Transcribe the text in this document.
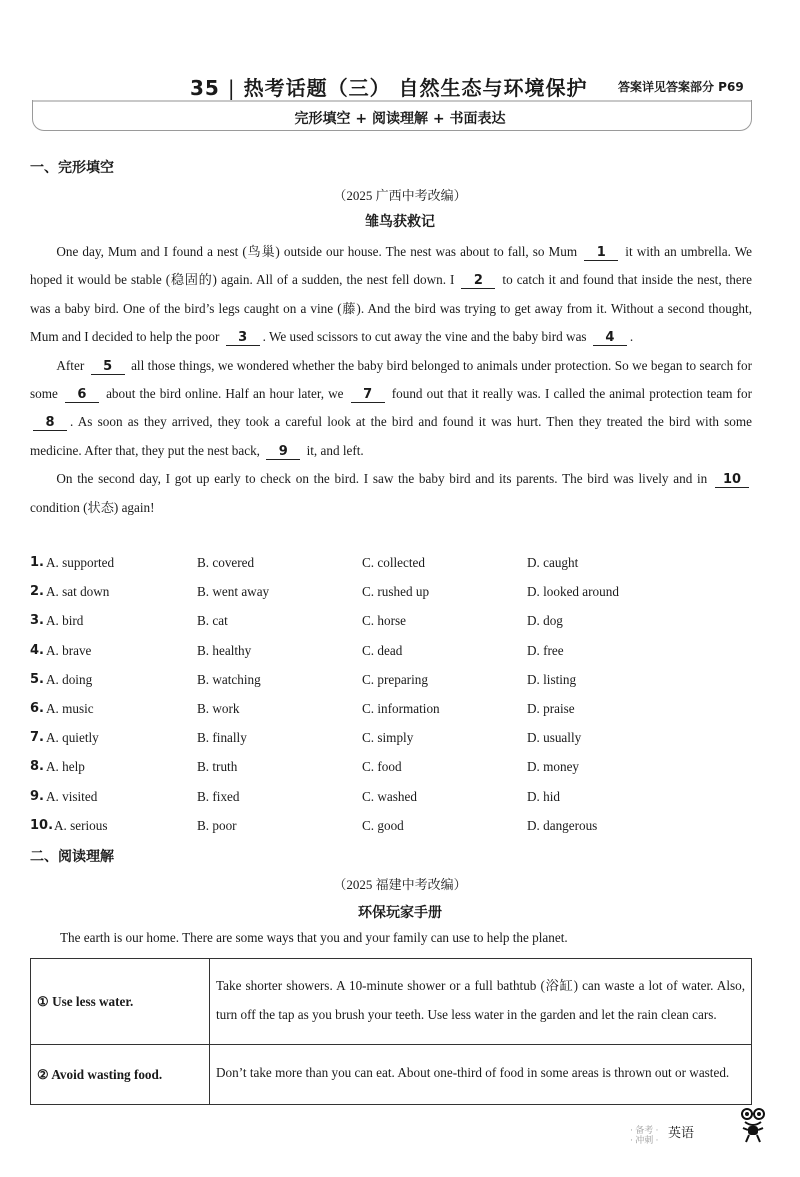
35 | 热考话题（三） 自然生态与环境保护	答案详见答案部分 P69
完形填空 + 阅读理解 + 书面表达
一、完形填空
（2025 广西中考改编）
雏鸟获救记

One day, Mum and I found a nest (鸟巢) outside our house. The nest was about to fall, so Mum 1 it with an umbrella. We hoped it would be stable (稳固的) again. All of a sudden, the nest fell down. I 2 to catch it and found that inside the nest, there was a baby bird. One of the bird’s legs caught on a vine (藤). And the bird was trying to get away from it. Without a second thought, Mum and I decided to help the poor 3 . We used scissors to cut away the vine and the baby bird was 4 .

After 5 all those things, we wondered whether the baby bird belonged to animals under protection. So we began to search for some 6 about the bird online. Half an hour later, we 7 found out that it really was. I called the animal protection team for 8 . As soon as they arrived, they took a careful look at the bird and found it was hurt. Then they treated the bird with some medicine. After that, they put the nest back, 9 it, and left.

On the second day, I got up early to check on the bird. I saw the baby bird and its parents. The bird was lively and in 10 condition (状态) again!

1. A. supported	B. covered	C. collected	D. caught
2. A. sat down	B. went away	C. rushed up	D. looked around
3. A. bird	B. cat	C. horse	D. dog
4. A. brave	B. healthy	C. dead	D. free
5. A. doing	B. watching	C. preparing	D. listing
6. A. music	B. work	C. information	D. praise
7. A. quietly	B. finally	C. simply	D. usually
8. A. help	B. truth	C. food	D. money
9. A. visited	B. fixed	C. washed	D. hid
10. A. serious	B. poor	C. good	D. dangerous
二、阅读理解
（2025 福建中考改编）
环保玩家手册
The earth is our home. There are some ways that you and your family can use to help the planet.
① Use less water.	Take shorter showers. A 10-minute shower or a full bathtub (浴缸) can waste a lot of water. Also, turn off the tap as you brush your teeth. Use less water in the garden and let the rain clean cars.
② Avoid wasting food.	Don’t take more than you can eat. About one-third of food in some areas is thrown out or wasted.
· 备考 ·
· 冲刺 · 英语
